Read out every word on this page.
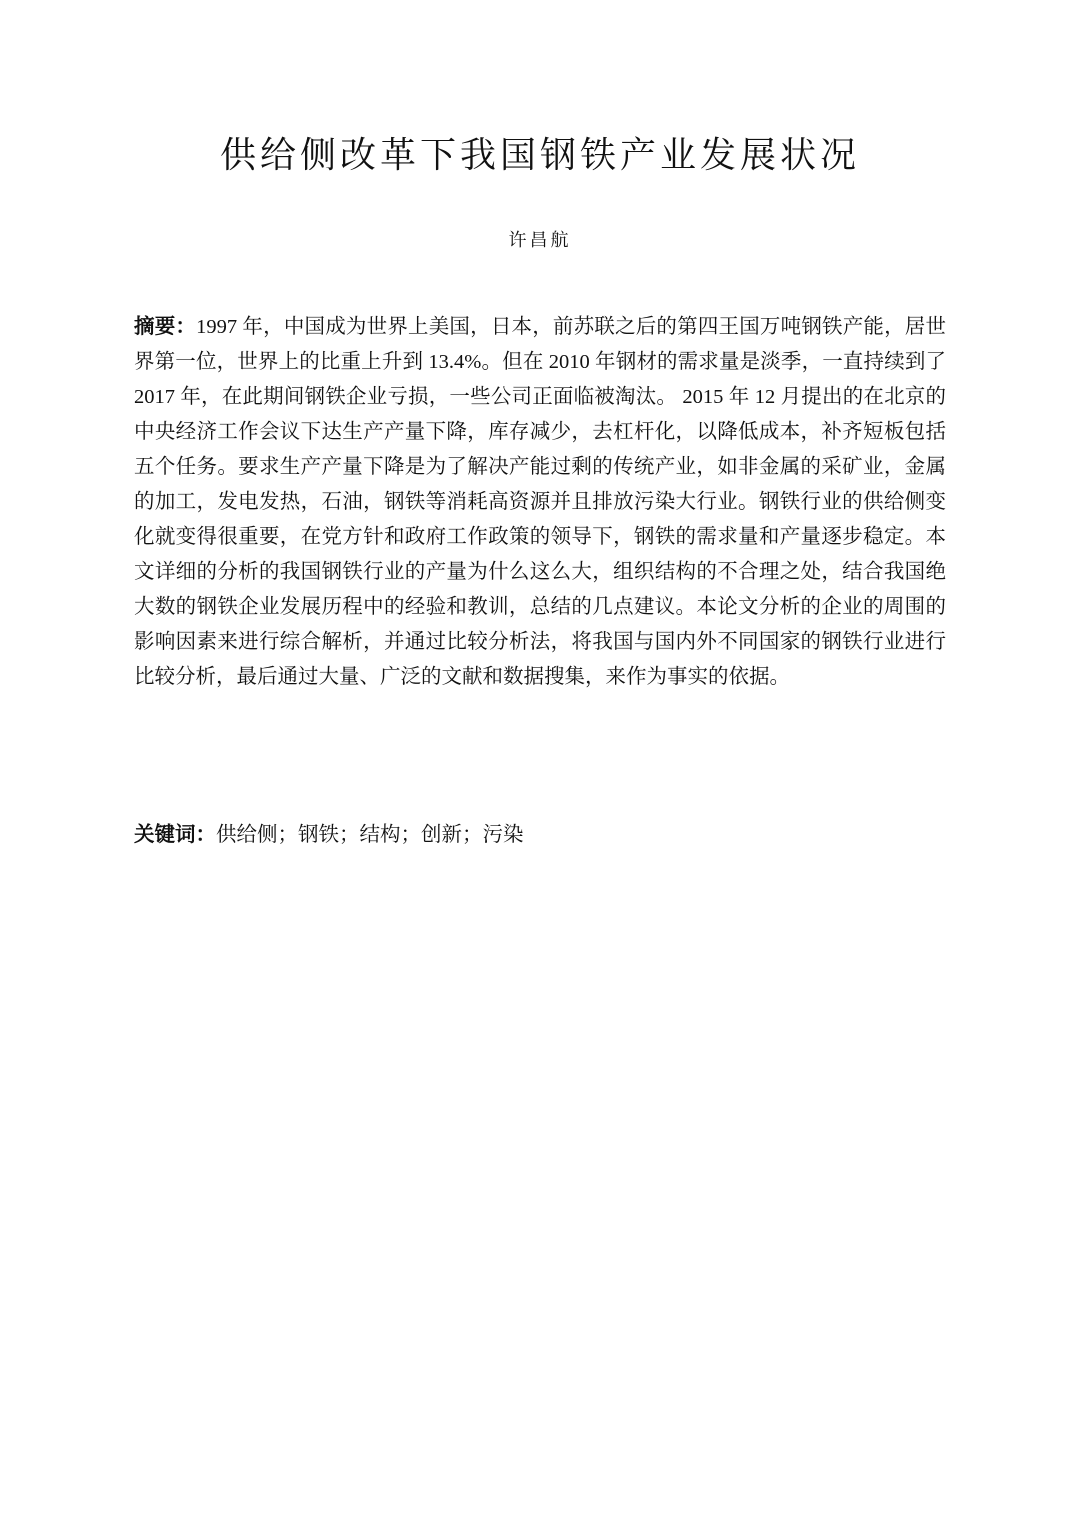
供给侧改革下我国钢铁产业发展状况
许昌航

摘要：1997 年，中国成为世界上美国，日本，前苏联之后的第四王国万吨钢铁产能，居世界第一位，世界上的比重上升到 13.4%。但在 2010 年钢材的需求量是淡季，一直持续到了 2017 年，在此期间钢铁企业亏损，一些公司正面临被淘汰。 2015 年 12 月提出的在北京的中央经济工作会议下达生产产量下降，库存减少，去杠杆化，以降低成本，补齐短板包括五个任务。要求生产产量下降是为了解决产能过剩的传统产业，如非金属的采矿业，金属的加工，发电发热，石油，钢铁等消耗高资源并且排放污染大行业。钢铁行业的供给侧变化就变得很重要，在党方针和政府工作政策的领导下，钢铁的需求量和产量逐步稳定。本文详细的分析的我国钢铁行业的产量为什么这么大，组织结构的不合理之处，结合我国绝大数的钢铁企业发展历程中的经验和教训，总结的几点建议。本论文分析的企业的周围的影响因素来进行综合解析，并通过比较分析法，将我国与国内外不同国家的钢铁行业进行比较分析，最后通过大量、广泛的文献和数据搜集，来作为事实的依据。

关键词：供给侧；钢铁；结构；创新；污染
